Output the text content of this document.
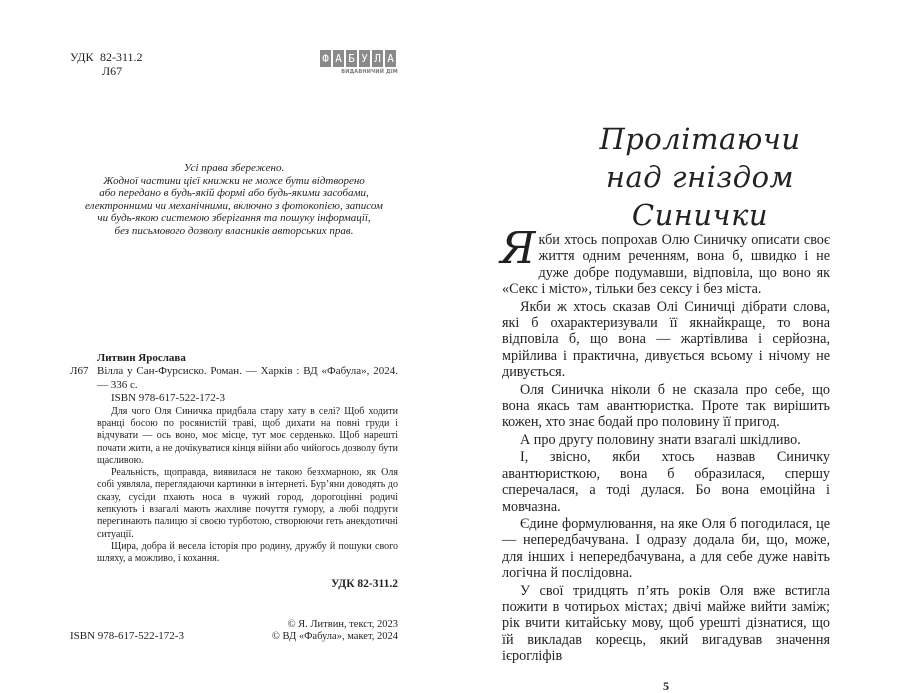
УДК 82-311.2
Л67
Ф А Б У Л А
ВИДАВНИЧИЙ ДІМ
Усі права збережено.
Жодної частини цієї книжки не може бути відтворено
або передано в будь-якій формі або будь-якими засобами,
електронними чи механічними, включно з фотокопією, записом
чи будь-якою системою зберігання та пошуку інформації,
без письмового дозволу власників авторських прав.
Л67

Литвин Ярослава

Вілла у Сан-Фурсиско. Роман. — Харків : ВД «Фабула», 2024. — 336 с.

ISBN 978-617-522-172-3

Для чого Оля Синичка придбала стару хату в селі? Щоб ходити вранці босою по росянистій траві, щоб дихати на повні груди і відчувати — ось воно, моє місце, тут моє серденько. Щоб нарешті почати жити, а не дочікуватися кінця війни або чийогось дозволу бути щасливою.

Реальність, щоправда, виявилася не такою безхмарною, як Оля собі уявляла, переглядаючи картинки в інтернеті. Бур’яни доводять до сказу, сусіди пхають носа в чужий город, дорогоцінні родичі кепкують і взагалі мають жахливе почуття гумору, а любі подруги перегинають палицю зі своєю турботою, створюючи геть анекдотичні ситуації.

Щира, добра й весела історія про родину, дружбу й пошуки свого шляху, а можливо, і кохання.

УДК 82-311.2
ISBN 978-617-522-172-3
© Я. Литвин, текст, 2023
© ВД «Фабула», макет, 2024
Пролітаючи
над гніздом Синички

Якби хтось попрохав Олю Синичку описати своє життя одним реченням, вона б, швидко і не дуже добре подумавши, відповіла, що воно як «Секс і місто», тільки без сексу і без міста.

Якби ж хтось сказав Олі Синичці дібрати слова, які б охарактеризували її якнайкраще, то вона відповіла б, що вона — жартівлива і серйозна, мрійлива і практична, дивується всьому і нічому не дивується.

Оля Синичка ніколи б не сказала про себе, що вона якась там авантюристка. Проте так вирішить кожен, хто знає бодай про половину її пригод.

А про другу половину знати взагалі шкідливо.

І, звісно, якби хтось назвав Синичку авантюристкою, вона б образилася, спершу сперечалася, а тоді дулася. Бо вона емоційна і мовчазна.

Єдине формулювання, на яке Оля б погодилася, це — непередбачувана. І одразу додала би, що, може, для інших і непередбачувана, а для себе дуже навіть логічна й послідовна.

У свої тридцять п’ять років Оля вже встигла пожити в чотирьох містах; двічі майже вийти заміж; рік вчити китайську мову, щоб урешті дізнатися, що їй викладав кореєць, який вигадував значення ієрогліфів

5
